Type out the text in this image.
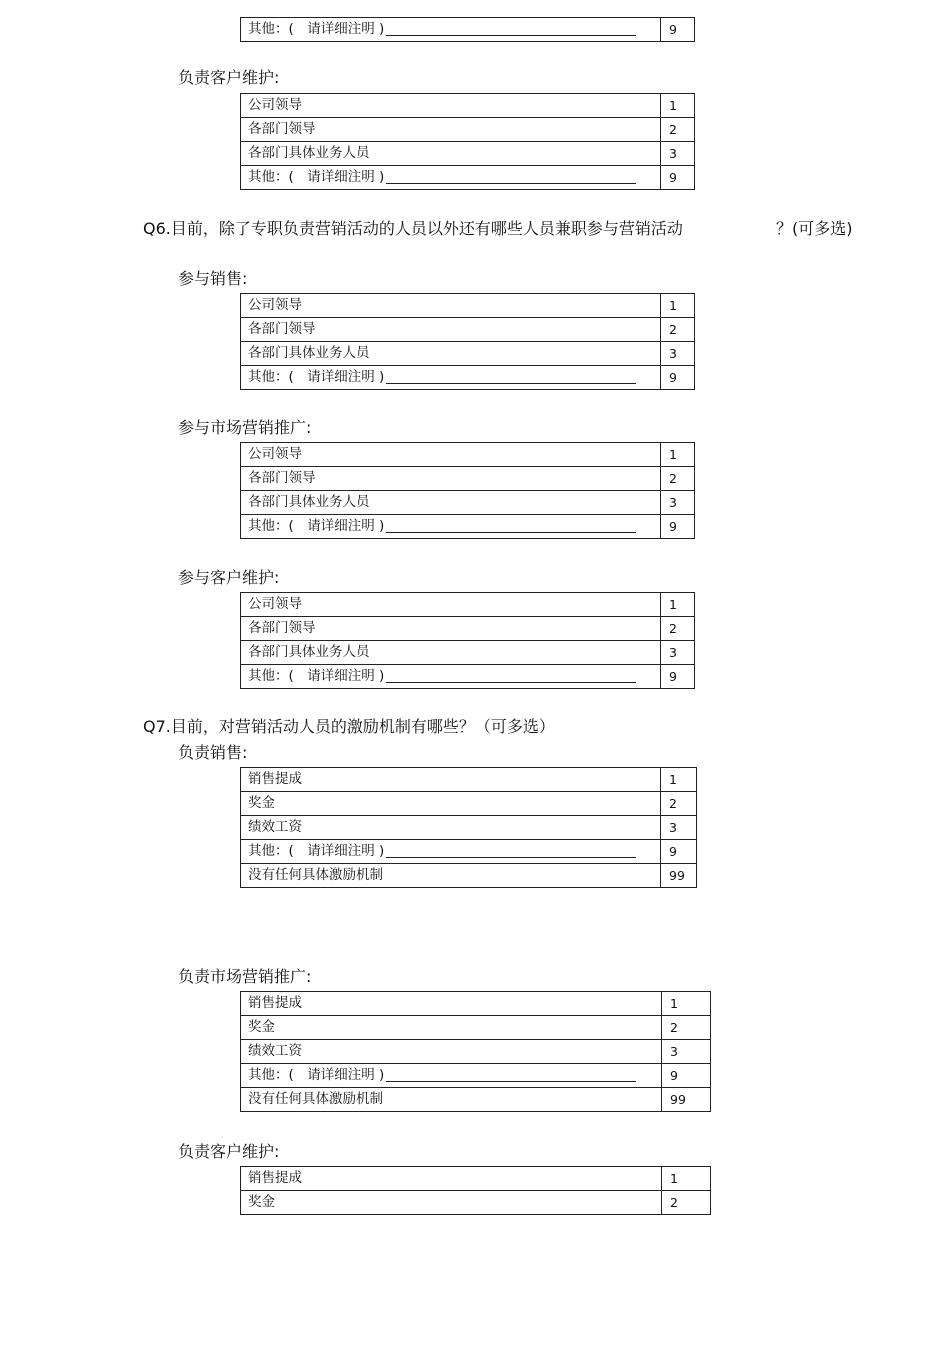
其他：(　请详细注明 )	9
负责客户维护:
公司领导	1
各部门领导	2
各部门具体业务人员	3
其他：(　请详细注明 )	9

Q6.目前，除了专职负责营销活动的人员以外还有哪些人员兼职参与营销活动	？(可多选)

参与销售:
公司领导	1
各部门领导	2
各部门具体业务人员	3
其他：(　请详细注明 )	9
参与市场营销推广:
公司领导	1
各部门领导	2
各部门具体业务人员	3
其他：(　请详细注明 )	9
参与客户维护:
公司领导	1
各部门领导	2
各部门具体业务人员	3
其他：(　请详细注明 )	9

Q7.目前，对营销活动人员的激励机制有哪些？（可多选）

负责销售:
销售提成	1
奖金	2
绩效工资	3
其他：(　请详细注明 )	9
没有任何具体激励机制	99
负责市场营销推广:
销售提成	1
奖金	2
绩效工资	3
其他：(　请详细注明 )	9
没有任何具体激励机制	99
负责客户维护:
销售提成	1
奖金	2
